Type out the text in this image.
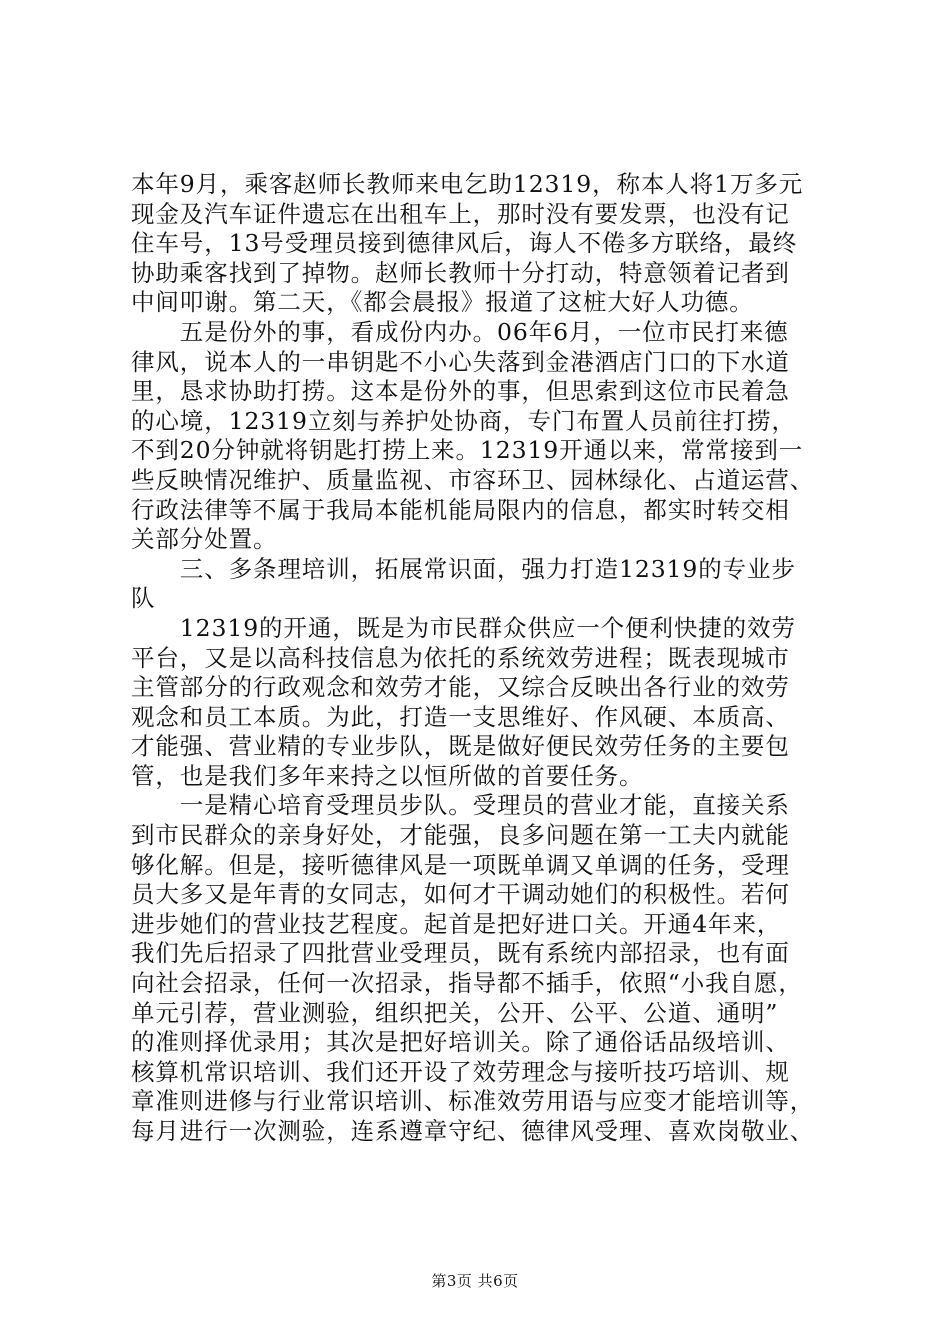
本年9月，乘客赵师长教师来电乞助12319，称本人将1万多元
现金及汽车证件遗忘在出租车上，那时没有要发票，也没有记
住车号，13号受理员接到德律风后，诲人不倦多方联络，最终
协助乘客找到了掉物。赵师长教师十分打动，特意领着记者到
中间叩谢。第二天，《都会晨报》报道了这桩大好人功德。
　　五是份外的事，看成份内办。06年6月，一位市民打来德
律风，说本人的一串钥匙不小心失落到金港酒店门口的下水道
里，恳求协助打捞。这本是份外的事，但思索到这位市民着急
的心境，12319立刻与养护处协商，专门布置人员前往打捞，
不到20分钟就将钥匙打捞上来。12319开通以来，常常接到一
些反映情况维护、质量监视、市容环卫、园林绿化、占道运营、
行政法律等不属于我局本能机能局限内的信息，都实时转交相
关部分处置。
　　三、多条理培训，拓展常识面，强力打造12319的专业步
队
　　12319的开通，既是为市民群众供应一个便利快捷的效劳
平台，又是以高科技信息为依托的系统效劳进程；既表现城市
主管部分的行政观念和效劳才能，又综合反映出各行业的效劳
观念和员工本质。为此，打造一支思维好、作风硬、本质高、
才能强、营业精的专业步队，既是做好便民效劳任务的主要包
管，也是我们多年来持之以恒所做的首要任务。
　　一是精心培育受理员步队。受理员的营业才能，直接关系
到市民群众的亲身好处，才能强，良多问题在第一工夫内就能
够化解。但是，接听德律风是一项既单调又单调的任务，受理
员大多又是年青的女同志，如何才干调动她们的积极性。若何
进步她们的营业技艺程度。起首是把好进口关。开通4年来，
我们先后招录了四批营业受理员，既有系统内部招录，也有面
向社会招录，任何一次招录，指导都不插手，依照“小我自愿，
单元引荐，营业测验，组织把关，公开、公平、公道、通明”
的准则择优录用；其次是把好培训关。除了通俗话品级培训、
核算机常识培训、我们还开设了效劳理念与接听技巧培训、规
章准则进修与行业常识培训、标准效劳用语与应变才能培训等，
每月进行一次测验，连系遵章守纪、德律风受理、喜欢岗敬业、
第3页 共6页
